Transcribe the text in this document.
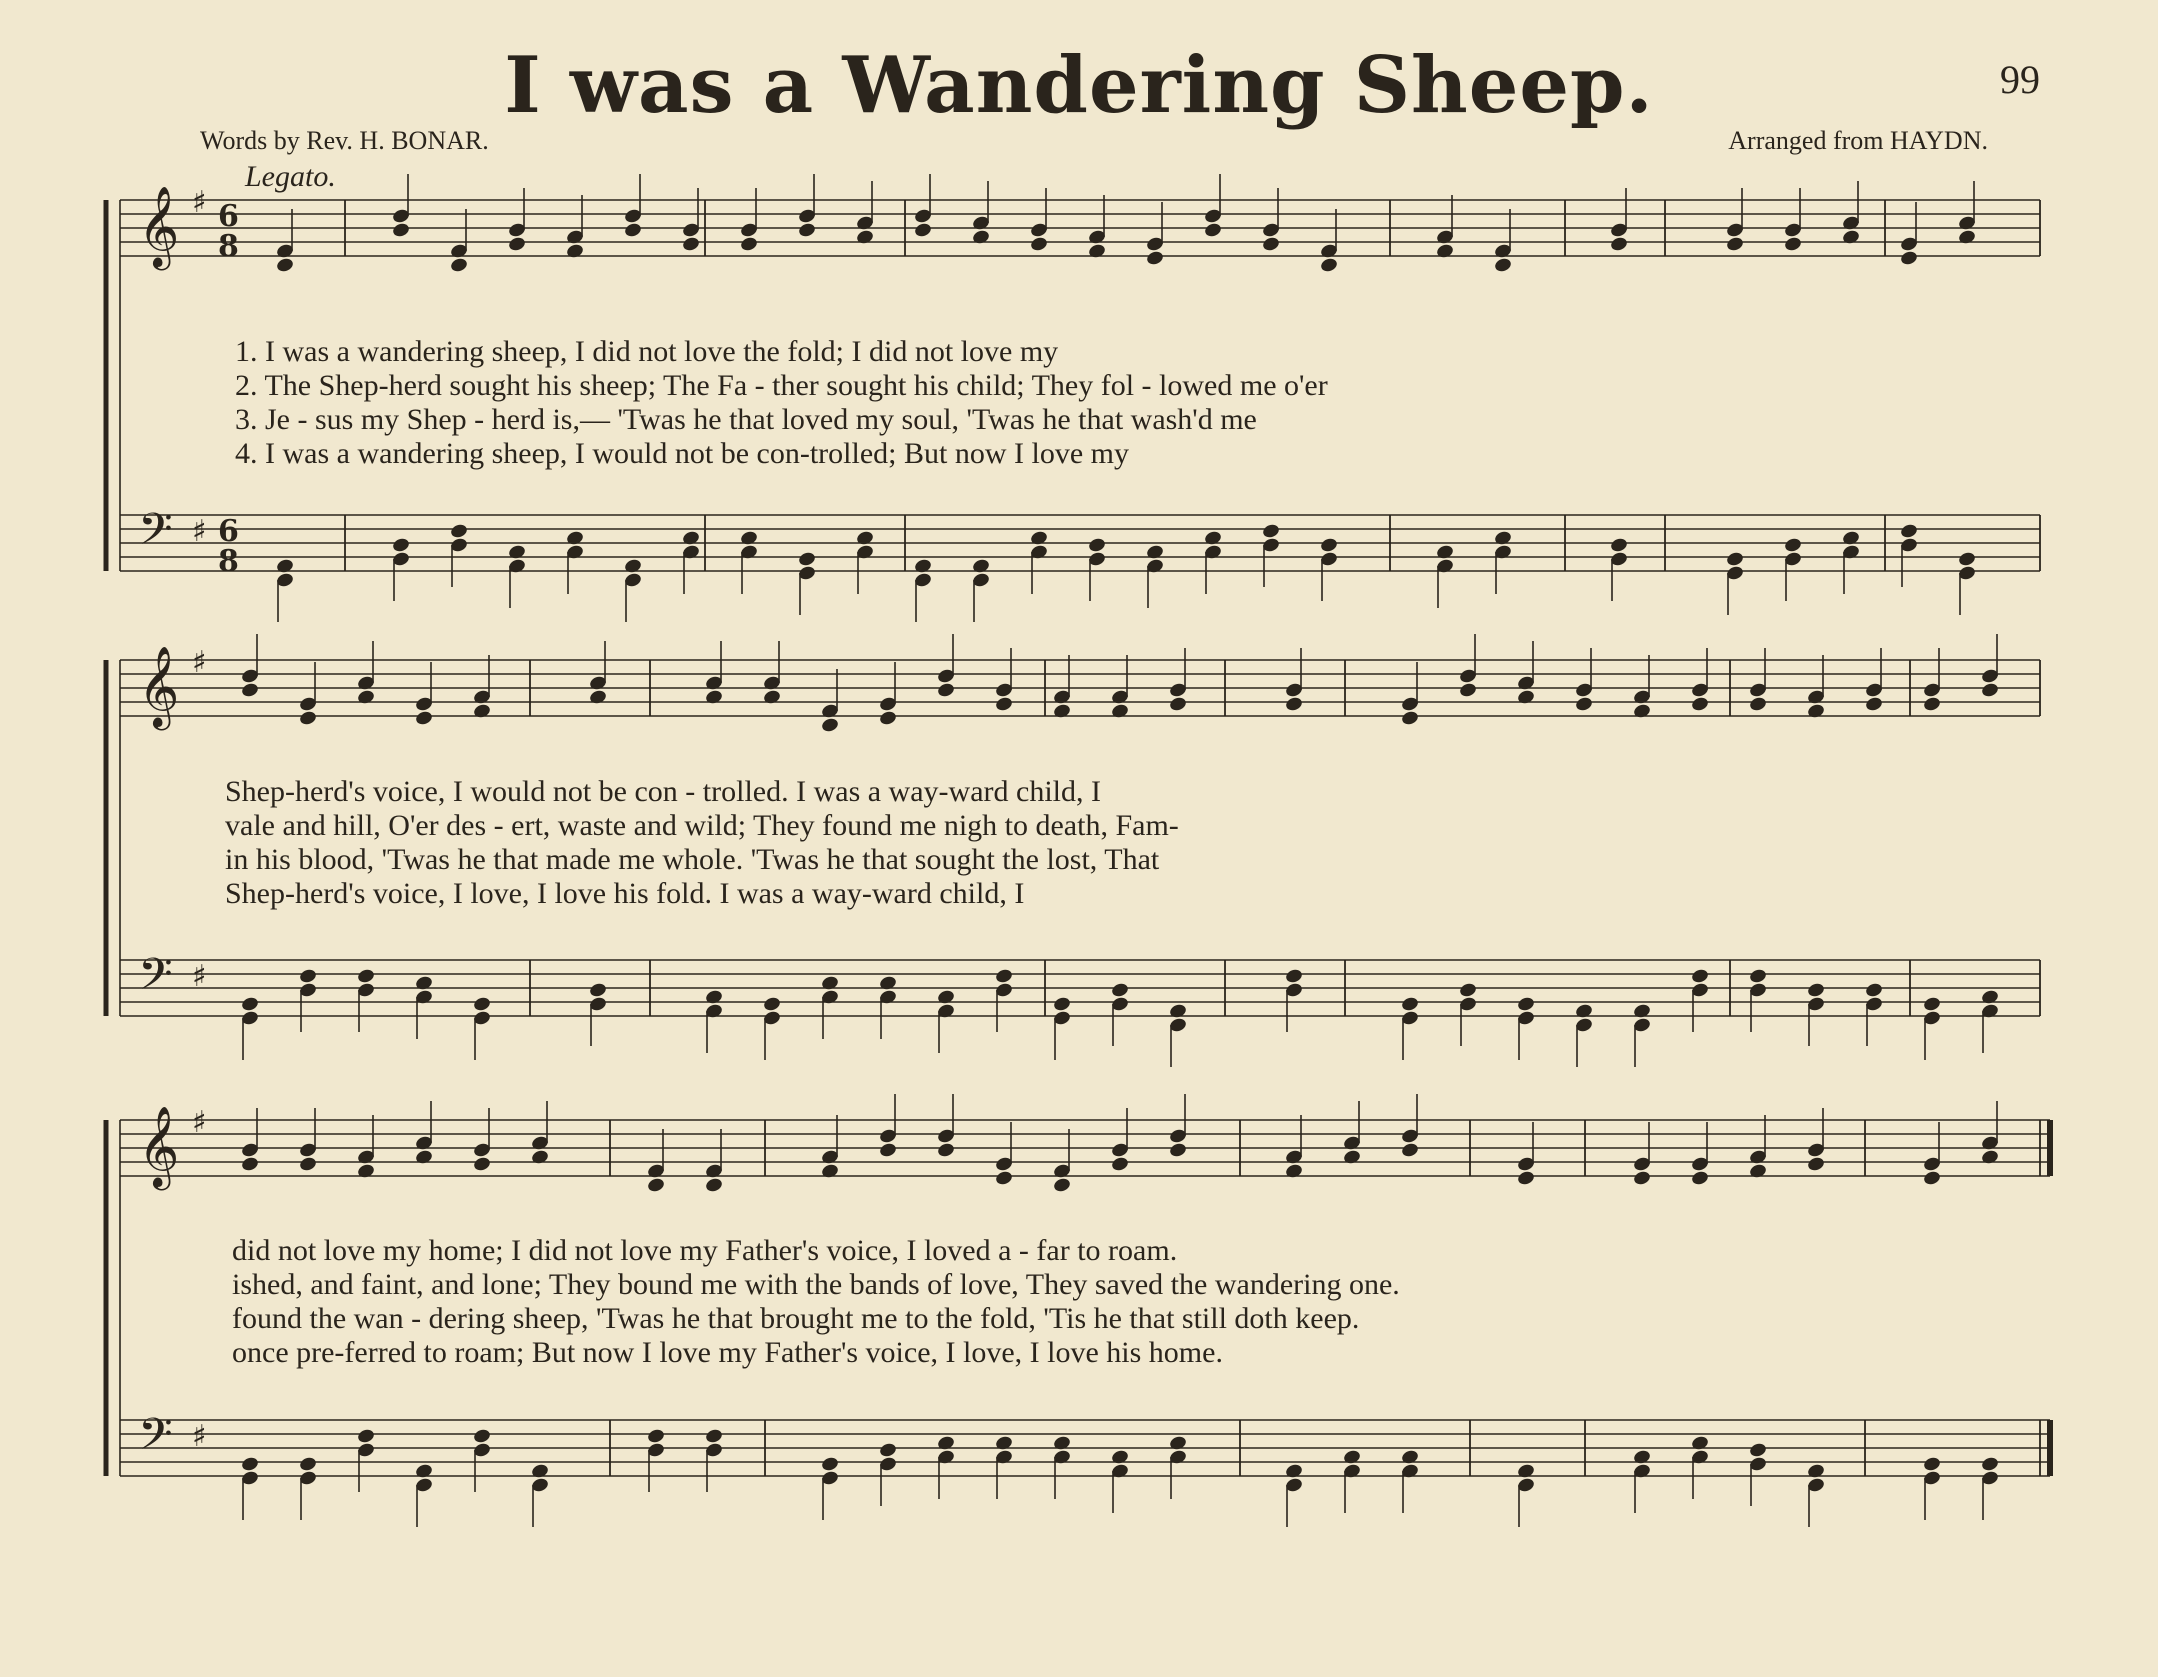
I was a Wandering Sheep.	99
Words by Rev. H. BONAR.	Arranged from HAYDN.
Legato.
𝄞
𝄢
♯
♯
6
8
6
8
𝄞
𝄢
♯
♯
𝄞
𝄢
♯
♯
1. I was a wandering sheep, I did not love the fold; I did not love my
2. The Shep-herd sought his sheep; The Fa - ther sought his child; They fol - lowed me o'er
3. Je - sus my Shep - herd is,— 'Twas he that loved my soul, 'Twas he that wash'd me
4. I was a wandering sheep, I would not be con-trolled; But now I love my
Shep-herd's voice, I would not be con - trolled. I was a way-ward child, I
vale and hill, O'er des - ert, waste and wild; They found me nigh to death, Fam-
in his blood, 'Twas he that made me whole. 'Twas he that sought the lost, That
Shep-herd's voice, I love, I love his fold. I was a way-ward child, I
did not love my home; I did not love my Father's voice, I loved a - far to roam.
ished, and faint, and lone; They bound me with the bands of love, They saved the wandering one.
found the wan - dering sheep, 'Twas he that brought me to the fold, 'Tis he that still doth keep.
once pre-ferred to roam; But now I love my Father's voice, I love, I love his home.
